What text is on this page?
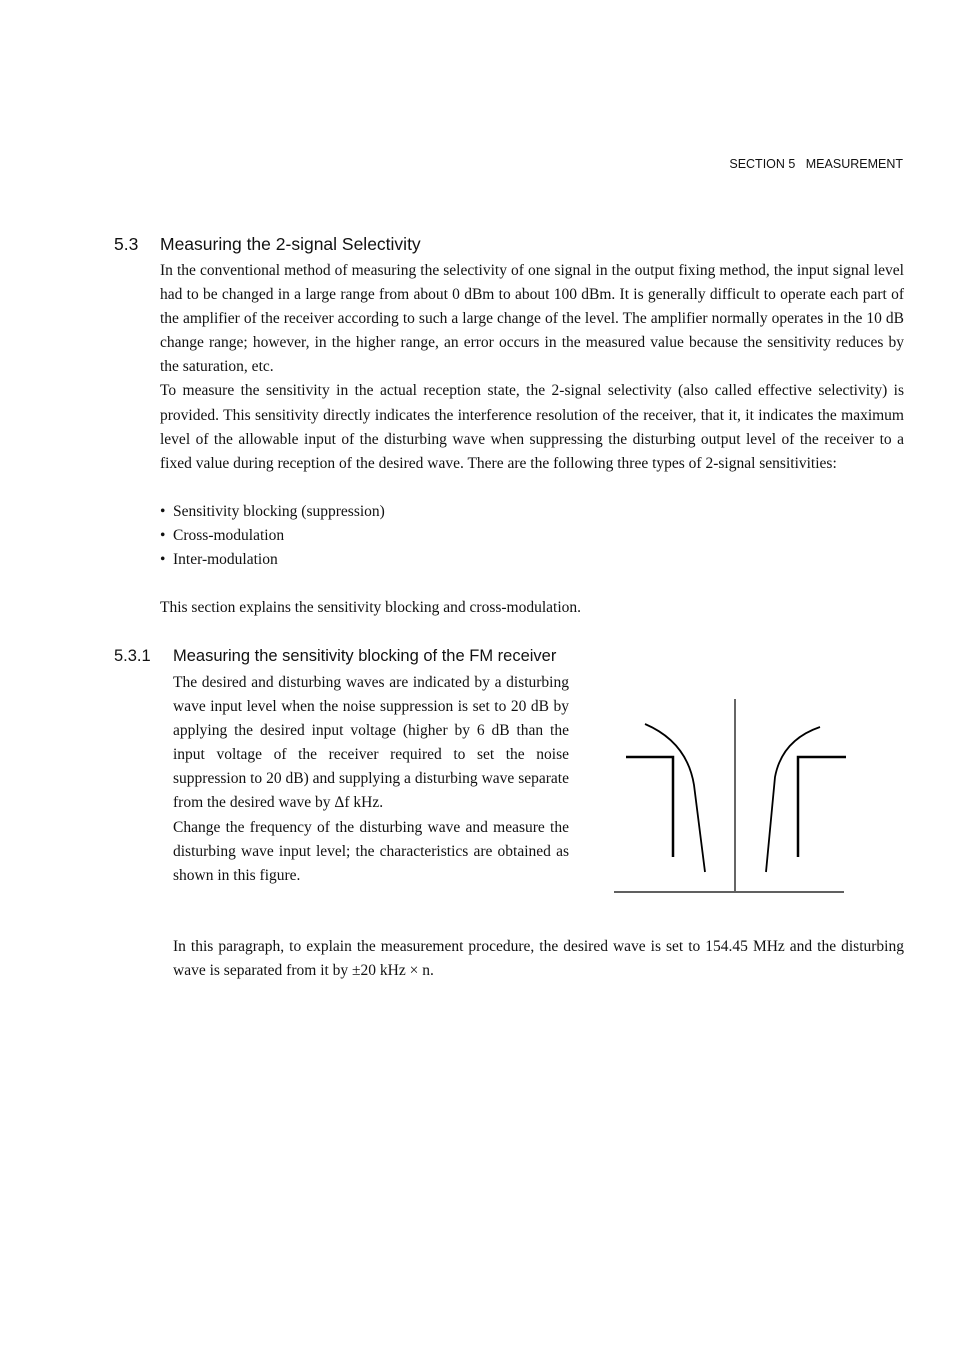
SECTION 5   MEASUREMENT
5.3 Measuring the 2-signal Selectivity

In the conventional method of measuring the selectivity of one signal in the output fixing method, the input signal level had to be changed in a large range from about 0 dBm to about 100 dBm. It is generally difficult to operate each part of the amplifier of the receiver according to such a large change of the level. The amplifier normally operates in the 10 dB change range; however, in the higher range, an error occurs in the measured value because the sensitivity reduces by the saturation, etc.

To measure the sensitivity in the actual reception state, the 2-signal selectivity (also called effective selectivity) is provided. This sensitivity directly indicates the interference resolution of the receiver, that it, it indicates the maximum level of the allowable input of the disturbing wave when suppressing the disturbing output level of the receiver to a fixed value during reception of the desired wave. There are the following three types of 2-signal sensitivities:

• Sensitivity blocking (suppression)
• Cross-modulation
• Inter-modulation

This section explains the sensitivity blocking and cross-modulation.

5.3.1 Measuring the sensitivity blocking of the FM receiver

The desired and disturbing waves are indicated by a disturbing wave input level when the noise suppression is set to 20 dB by applying the desired input voltage (higher by 6 dB than the input voltage of the receiver required to set the noise suppression to 20 dB) and supplying a disturbing wave separate from the desired wave by Δf kHz.

Change the frequency of the disturbing wave and measure the disturbing wave input level; the characteristics are obtained as shown in this figure.

In this paragraph, to explain the measurement procedure, the desired wave is set to 154.45 MHz and the disturbing wave is separated from it by ±20 kHz × n.
